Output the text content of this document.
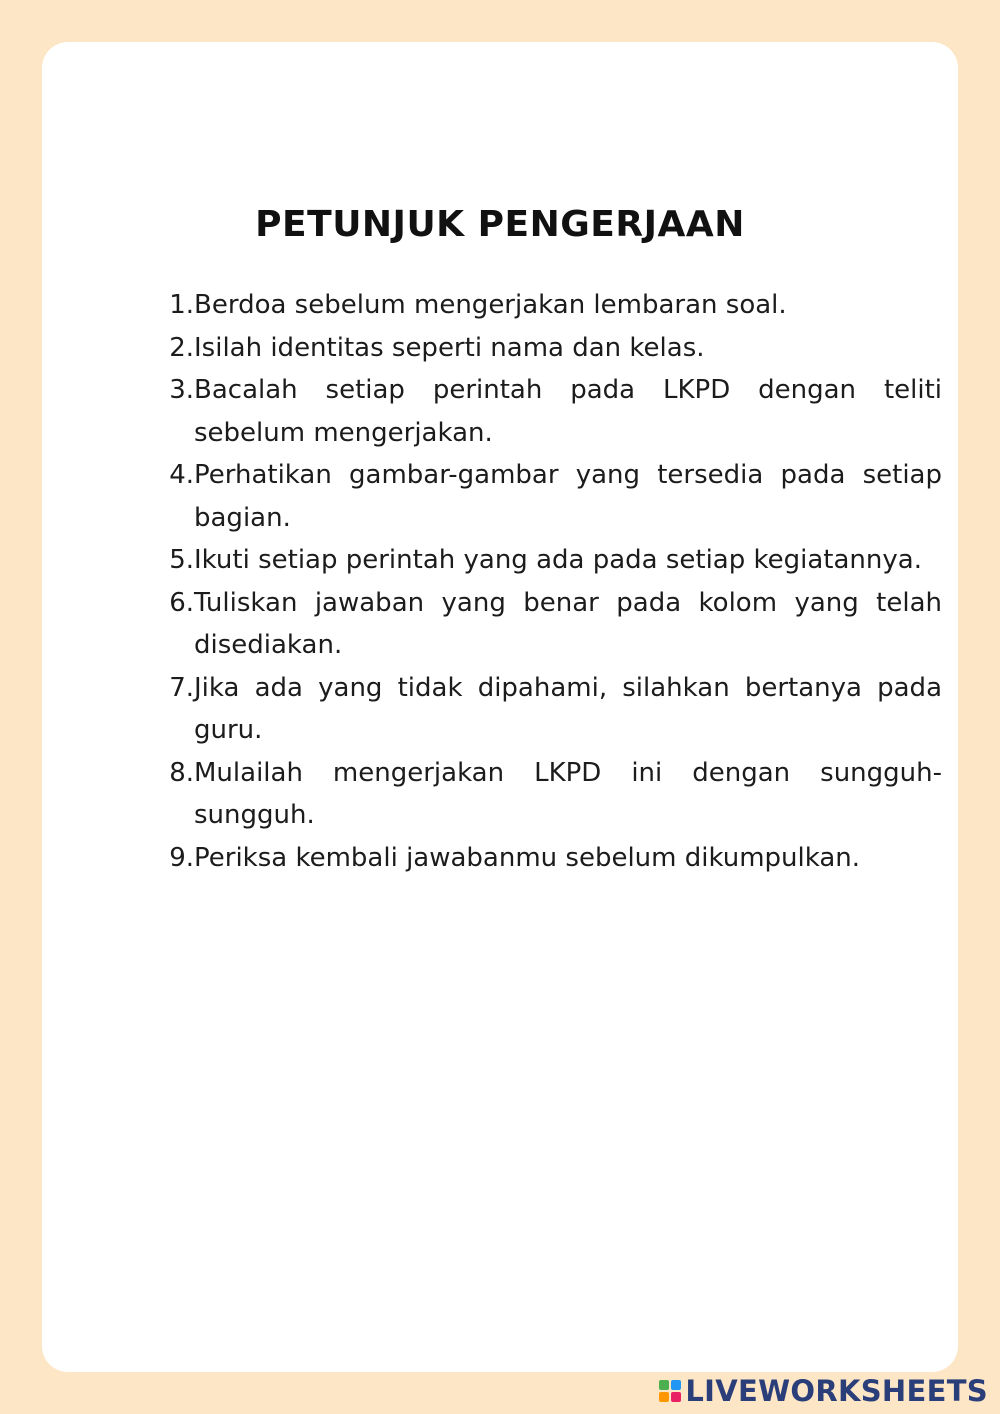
PETUNJUK PENGERJAAN
1. Berdoa sebelum mengerjakan lembaran soal.
2. Isilah identitas seperti nama dan kelas.
3. Bacalah setiap perintah pada LKPD dengan teliti sebelum mengerjakan.
4. Perhatikan gambar-gambar yang tersedia pada setiap bagian.
5. Ikuti setiap perintah yang ada pada setiap kegiatannya.
6. Tuliskan jawaban yang benar pada kolom yang telah disediakan.
7. Jika ada yang tidak dipahami, silahkan bertanya pada guru.
8. Mulailah mengerjakan LKPD ini dengan sungguh-sungguh.
9. Periksa kembali jawabanmu sebelum dikumpulkan.
LIVEWORKSHEETS
